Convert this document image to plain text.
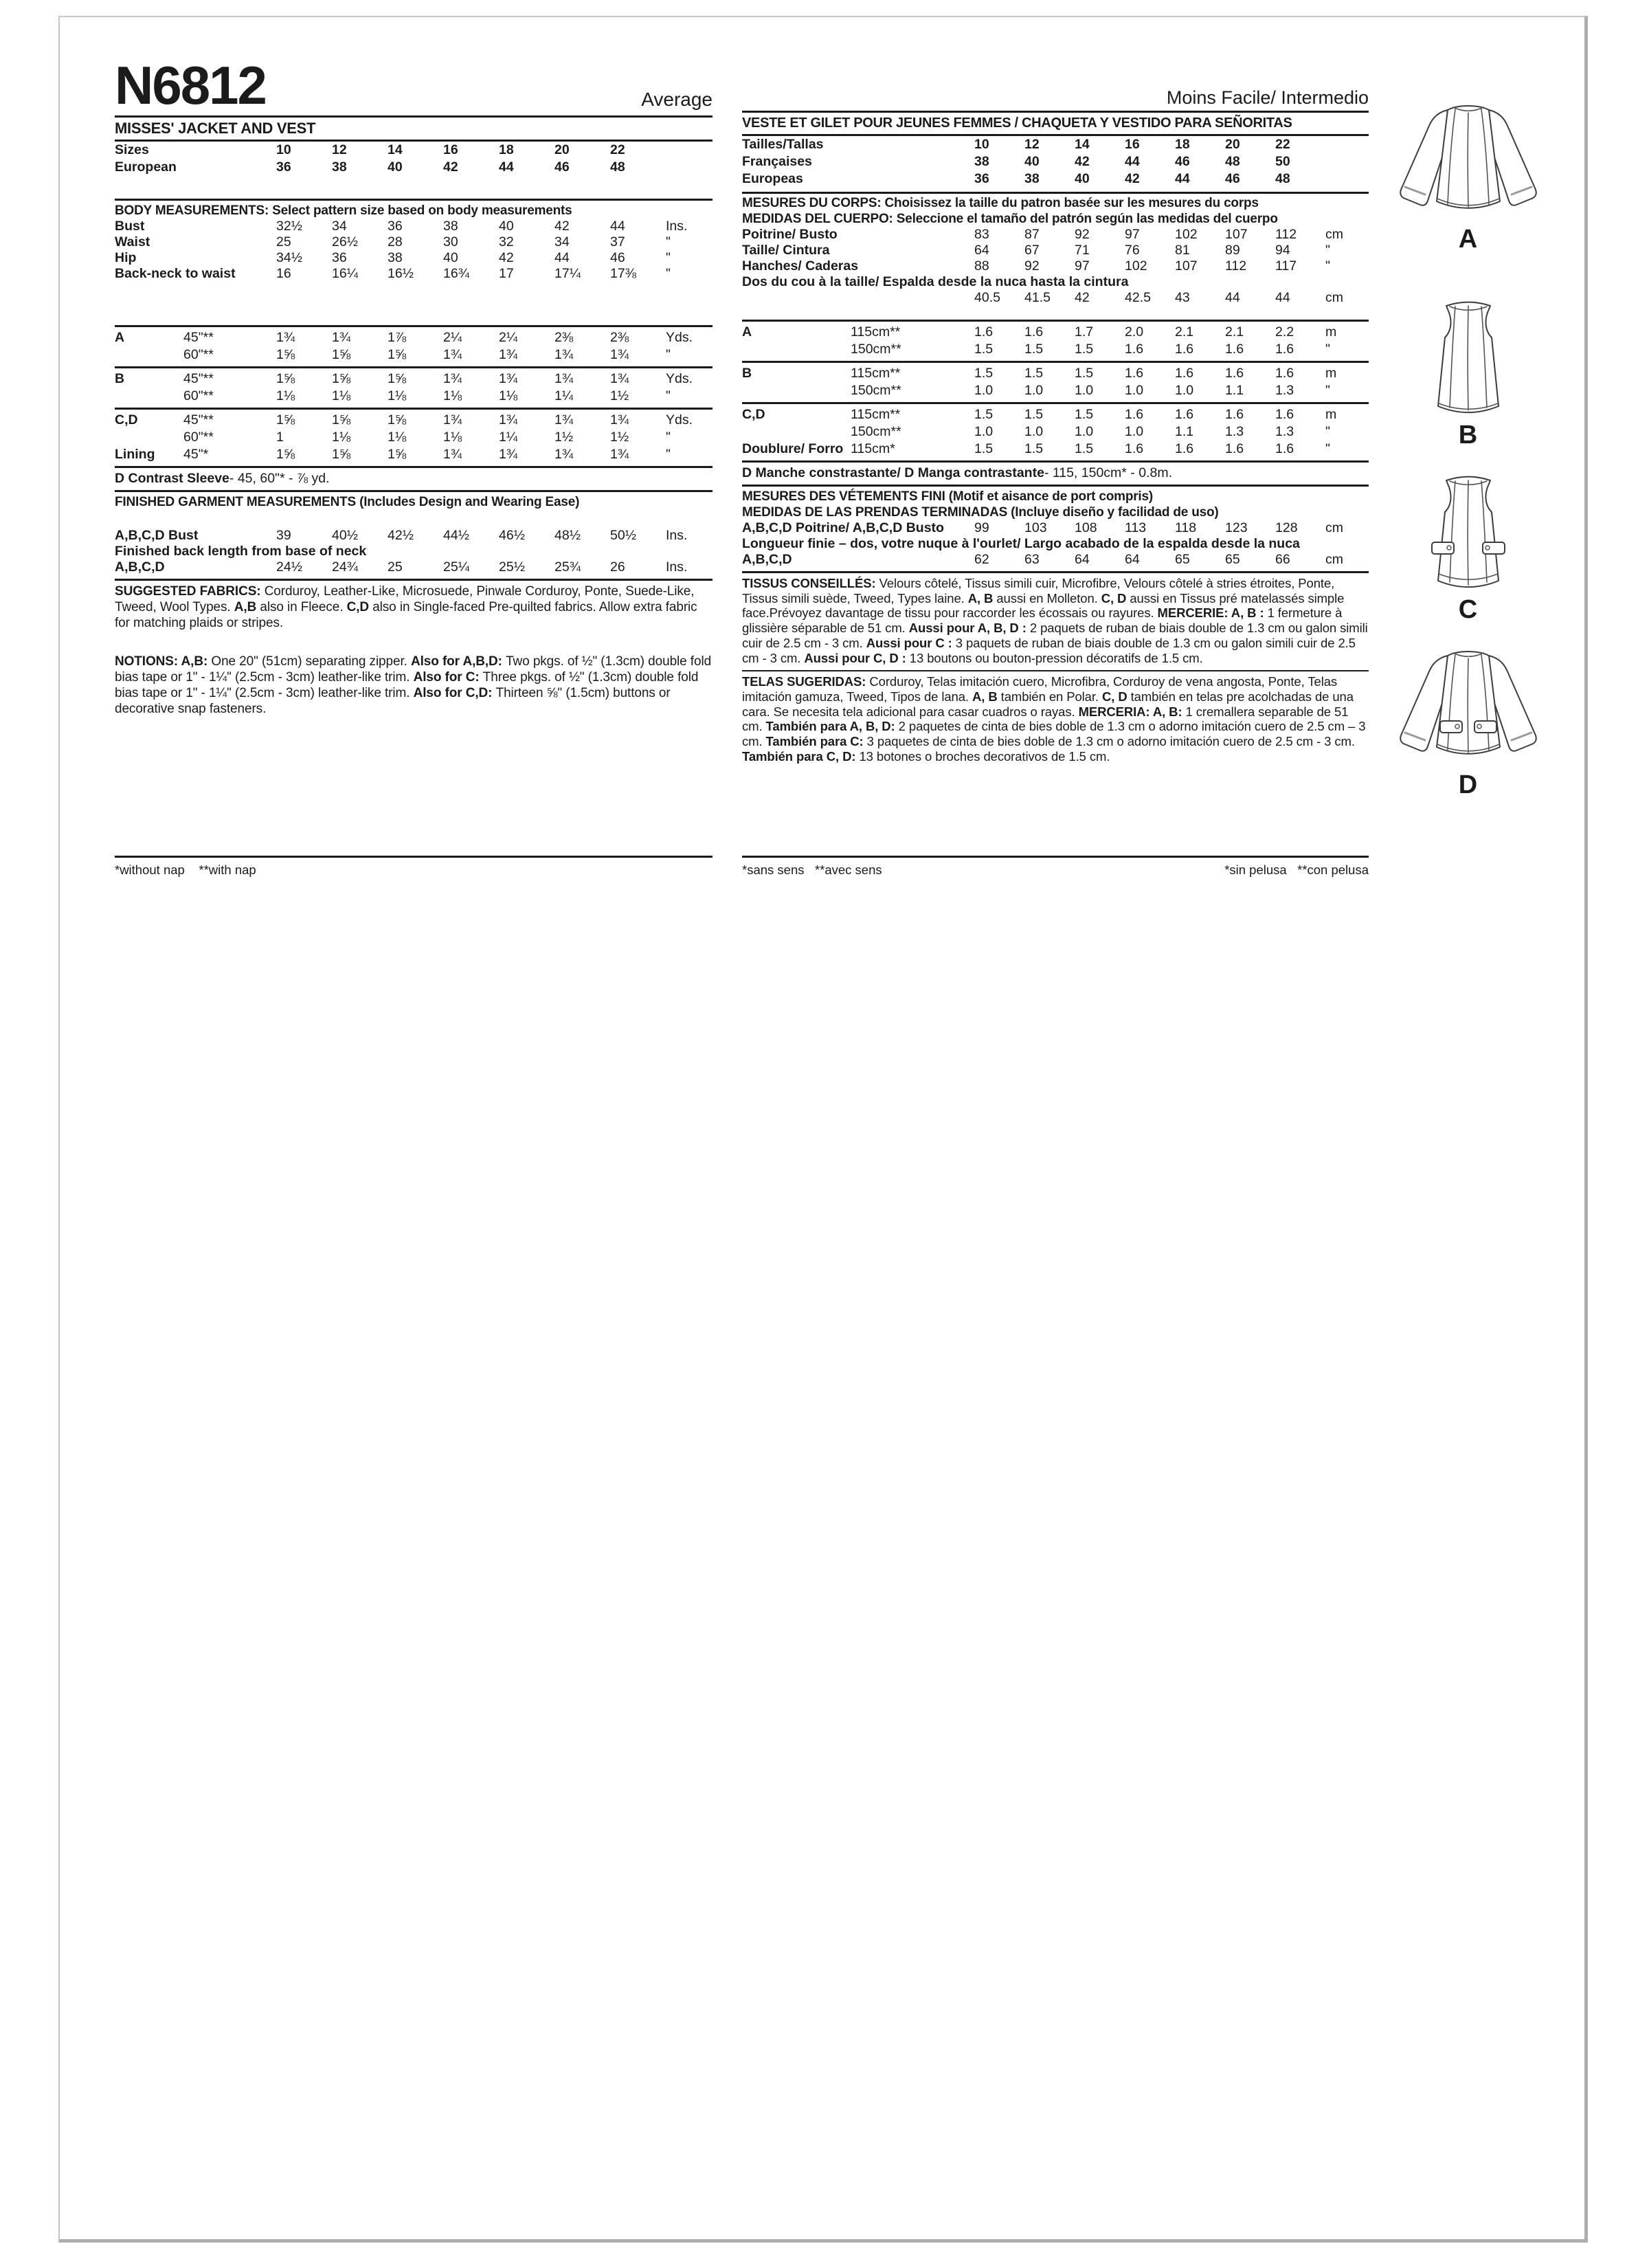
N6812	Average
MISSES' JACKET AND VEST
Sizes	10	12	14	16	18	20	22
European	36	38	40	42	44	46	48
BODY MEASUREMENTS: Select pattern size based on body measurements
Bust	32½	34	36	38	40	42	44	Ins.
Waist	25	26½	28	30	32	34	37	"
Hip	34½	36	38	40	42	44	46	"
Back-neck to waist	16	16¼	16½	16¾	17	17¼	17⅜	"
A	45"**	1¾	1¾	1⅞	2¼	2¼	2⅜	2⅜	Yds.
60"**	1⅝	1⅝	1⅝	1¾	1¾	1¾	1¾	"
B	45"**	1⅝	1⅝	1⅝	1¾	1¾	1¾	1¾	Yds.
60"**	1⅛	1⅛	1⅛	1⅛	1⅛	1¼	1½	"
C,D	45"**	1⅝	1⅝	1⅝	1¾	1¾	1¾	1¾	Yds.
60"**	1	1⅛	1⅛	1⅛	1¼	1½	1½	"
Lining	45"*	1⅝	1⅝	1⅝	1¾	1¾	1¾	1¾	"
D Contrast Sleeve - 45, 60"* - ⅞ yd.
FINISHED GARMENT MEASUREMENTS (Includes Design and Wearing Ease)
A,B,C,D Bust	39	40½	42½	44½	46½	48½	50½	Ins.
Finished back length from base of neck
A,B,C,D	24½	24¾	25	25¼	25½	25¾	26	Ins.

SUGGESTED FABRICS: Corduroy, Leather-Like, Microsuede, Pinwale Corduroy, Ponte, Suede-Like, Tweed, Wool Types. A,B also in Fleece. C,D also in Single-faced Pre-quilted fabrics. Allow extra fabric for matching plaids or stripes.

NOTIONS: A,B: One 20" (51cm) separating zipper. Also for A,B,D: Two pkgs. of ½" (1.3cm) double fold bias tape or 1" - 1¼" (2.5cm - 3cm) leather-like trim. Also for C: Three pkgs. of ½" (1.3cm) double fold bias tape or 1" - 1¼" (2.5cm - 3cm) leather-like trim. Also for C,D: Thirteen ⅝" (1.5cm) buttons or decorative snap fasteners.

Moins Facile/ Intermedio
VESTE ET GILET POUR JEUNES FEMMES / CHAQUETA Y VESTIDO PARA SEÑORITAS
Tailles/Tallas	10	12	14	16	18	20	22
Françaises	38	40	42	44	46	48	50
Europeas	36	38	40	42	44	46	48
MESURES DU CORPS: Choisissez la taille du patron basée sur les mesures du corps
MEDIDAS DEL CUERPO: Seleccione el tamaño del patrón según las medidas del cuerpo
Poitrine/ Busto	83	87	92	97	102	107	112	cm
Taille/ Cintura	64	67	71	76	81	89	94	"
Hanches/ Caderas	88	92	97	102	107	112	117	"
Dos du cou à la taille/ Espalda desde la nuca hasta la cintura
40.5	41.5	42	42.5	43	44	44	cm
A	115cm**	1.6	1.6	1.7	2.0	2.1	2.1	2.2	m
150cm**	1.5	1.5	1.5	1.6	1.6	1.6	1.6	"
B	115cm**	1.5	1.5	1.5	1.6	1.6	1.6	1.6	m
150cm**	1.0	1.0	1.0	1.0	1.0	1.1	1.3	"
C,D	115cm**	1.5	1.5	1.5	1.6	1.6	1.6	1.6	m
150cm**	1.0	1.0	1.0	1.0	1.1	1.3	1.3	"
Doublure/ Forro 115cm*	1.5	1.5	1.5	1.6	1.6	1.6	1.6	"
D Manche constrastante/ D Manga contrastante - 115, 150cm* - 0.8m.
MESURES DES VÉTEMENTS FINI (Motif et aisance de port compris)
MEDIDAS DE LAS PRENDAS TERMINADAS (Incluye diseño y facilidad de uso)
A,B,C,D Poitrine/ A,B,C,D Busto	99	103	108	113	118	123	128	cm
Longueur finie – dos, votre nuque à l'ourlet/ Largo acabado de la espalda desde la nuca
A,B,C,D	62	63	64	64	65	65	66	cm

TISSUS CONSEILLÉS: Velours côtelé, Tissus simili cuir, Microfibre, Velours côtelé à stries étroites, Ponte, Tissus simili suède, Tweed, Types laine. A, B aussi en Molleton. C, D aussi en Tissus pré matelassés simple face.Prévoyez davantage de tissu pour raccorder les écossais ou rayures. MERCERIE: A, B : 1 fermeture à glissière séparable de 51 cm. Aussi pour A, B, D : 2 paquets de ruban de biais double de 1.3 cm ou galon simili cuir de 2.5 cm - 3 cm. Aussi pour C : 3 paquets de ruban de biais double de 1.3 cm ou galon simili cuir de 2.5 cm - 3 cm. Aussi pour C, D : 13 boutons ou bouton-pression décoratifs de 1.5 cm.

TELAS SUGERIDAS: Corduroy, Telas imitación cuero, Microfibra, Corduroy de vena angosta, Ponte, Telas imitación gamuza, Tweed, Tipos de lana. A, B también en Polar. C, D también en telas pre acolchadas de una cara. Se necesita tela adicional para casar cuadros o rayas. MERCERIA: A, B: 1 cremallera separable de 51 cm. También para A, B, D: 2 paquetes de cinta de bies doble de 1.3 cm o adorno imitación cuero de 2.5 cm – 3 cm. También para C: 3 paquetes de cinta de bies doble de 1.3 cm o adorno imitación cuero de 2.5 cm - 3 cm. También para C, D: 13 botones o broches decorativos de 1.5 cm.

*without nap    **with nap	*sans sens   **avec sens	*sin pelusa   **con pelusa
A
B
C
D
